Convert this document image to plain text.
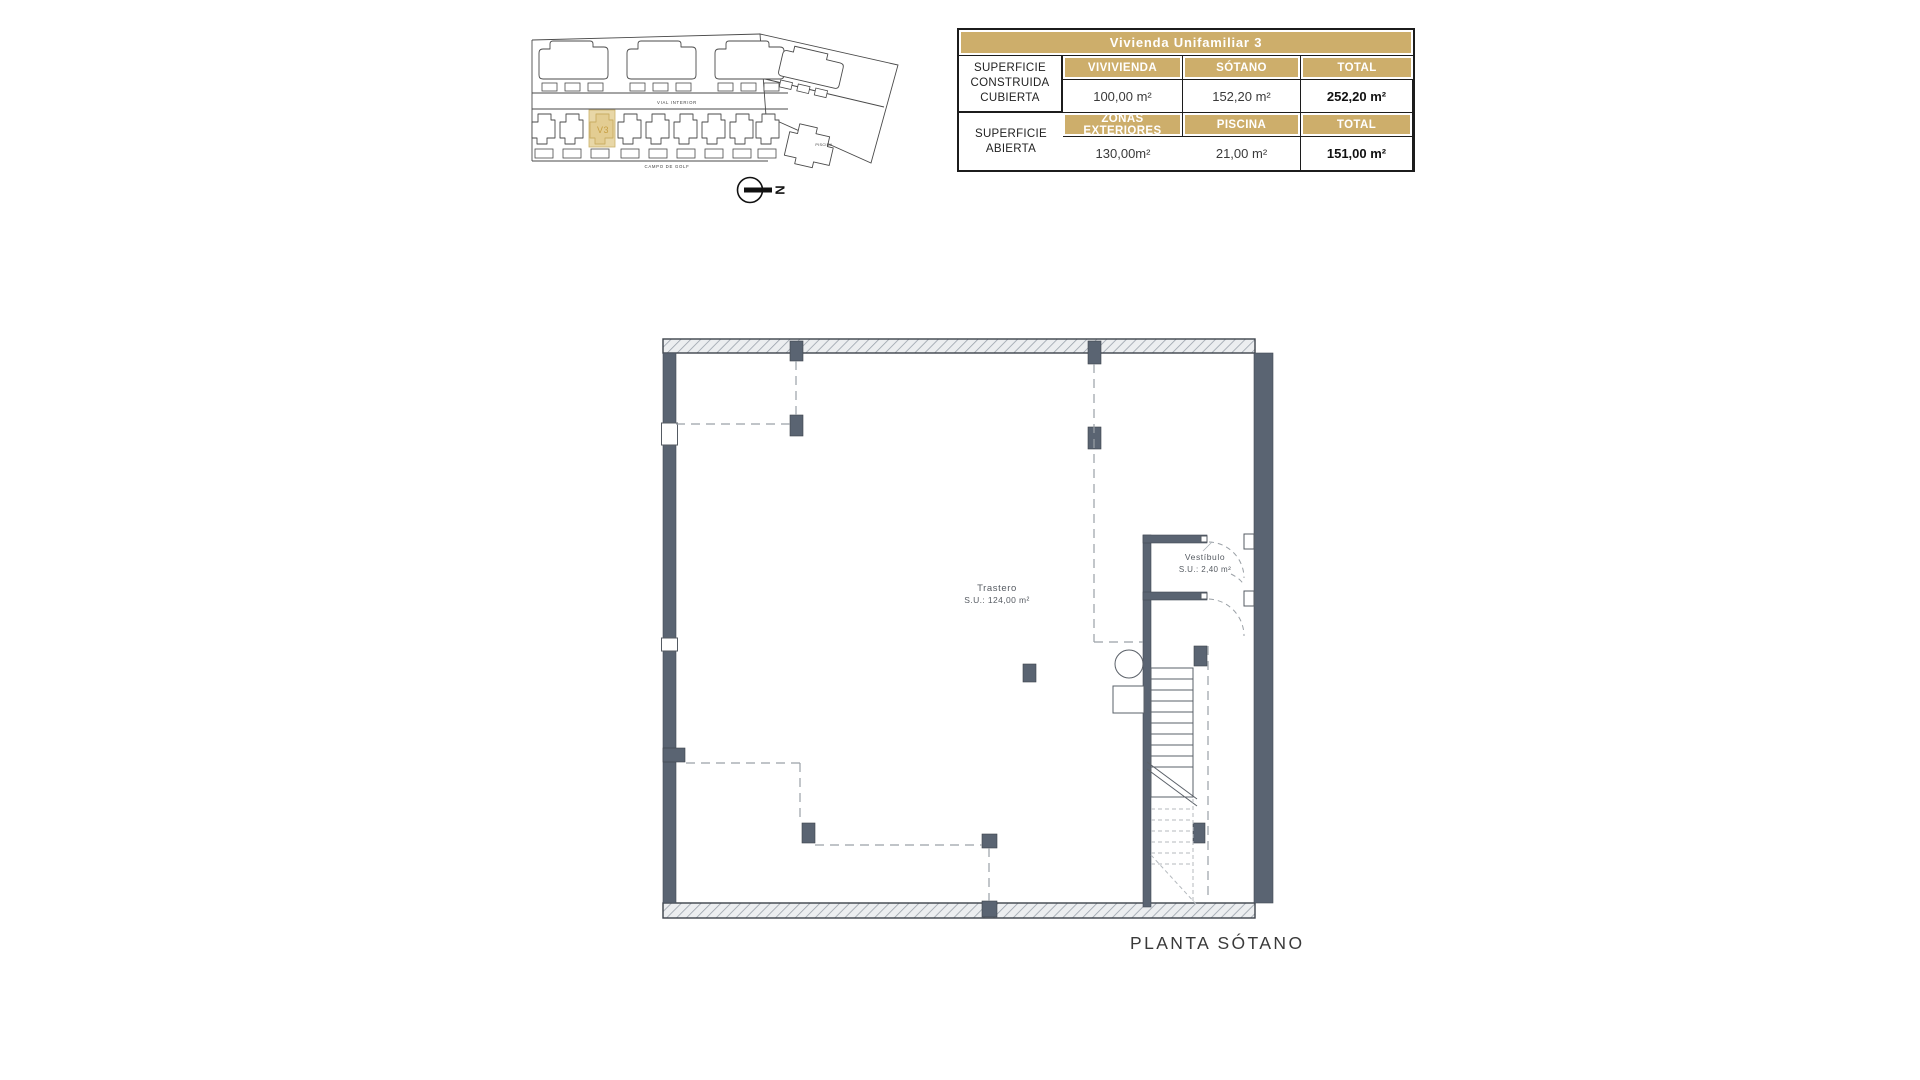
PISCINA
VIAL INTERIOR
CAMPO DE GOLF
V3
N
Vivienda Unifamiliar 3
SUPERFICIE CONSTRUIDA CUBIERTA
VIVIVIENDA	SÓTANO	TOTAL
100,00 m²	152,20 m²	252,20 m²
SUPERFICIE ABIERTA
ZONAS EXTERIORES	PISCINA	TOTAL
130,00m²	21,00 m²	151,00 m²
Trastero
S.U.: 124,00 m²
Vestíbulo
S.U.: 2,40 m²
PLANTA SÓTANO
